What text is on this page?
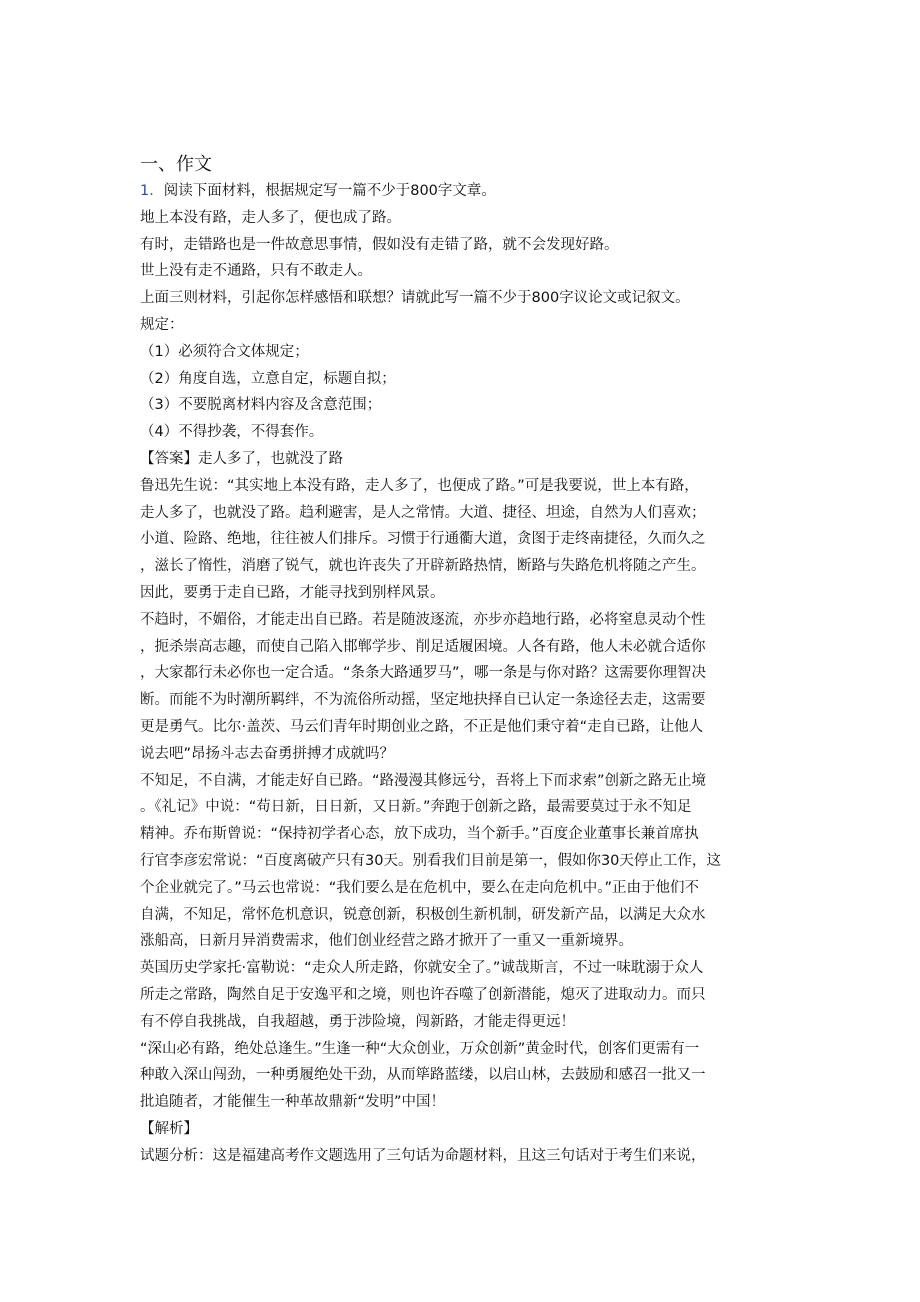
一、作文
1．阅读下面材料，根据规定写一篇不少于800字文章。
地上本没有路，走人多了，便也成了路。
有时，走错路也是一件故意思事情，假如没有走错了路，就不会发现好路。
世上没有走不通路，只有不敢走人。
上面三则材料，引起你怎样感悟和联想？请就此写一篇不少于800字议论文或记叙文。
规定：
（1）必须符合文体规定；
（2）角度自选，立意自定，标题自拟；
（3）不要脱离材料内容及含意范围；
（4）不得抄袭，不得套作。
【答案】走人多了，也就没了路
鲁迅先生说：“其实地上本没有路，走人多了，也便成了路。”可是我要说，世上本有路，
走人多了，也就没了路。趋利避害，是人之常情。大道、捷径、坦途，自然为人们喜欢；
小道、险路、绝地，往往被人们排斥。习惯于行通衢大道，贪图于走终南捷径，久而久之
，滋长了惰性，消磨了锐气，就也许丧失了开辟新路热情，断路与失路危机将随之产生。
因此，要勇于走自已路，才能寻找到别样风景。
不趋时，不媚俗，才能走出自已路。若是随波逐流，亦步亦趋地行路，必将窒息灵动个性
，扼杀崇高志趣，而使自己陷入邯郸学步、削足适履困境。人各有路，他人未必就合适你
，大家都行未必你也一定合适。“条条大路通罗马”，哪一条是与你对路？这需要你理智决
断。而能不为时潮所羁绊，不为流俗所动摇，坚定地抉择自已认定一条途径去走，这需要
更是勇气。比尔·盖茨、马云们青年时期创业之路，不正是他们秉守着“走自已路，让他人
说去吧”昂扬斗志去奋勇拼搏才成就吗？
不知足，不自满，才能走好自已路。“路漫漫其修远兮，吾将上下而求索”创新之路无止境
。《礼记》中说：“苟日新，日日新，又日新。”奔跑于创新之路，最需要莫过于永不知足
精神。乔布斯曾说：“保持初学者心态，放下成功，当个新手。”百度企业董事长兼首席执
行官李彦宏常说：“百度离破产只有30天。别看我们目前是第一，假如你30天停止工作，这
个企业就完了。”马云也常说：“我们要么是在危机中，要么在走向危机中。”正由于他们不
自满，不知足，常怀危机意识，锐意创新，积极创生新机制，研发新产品，以满足大众水
涨船高，日新月异消费需求，他们创业经营之路才掀开了一重又一重新境界。
英国历史学家托·富勒说：“走众人所走路，你就安全了。”诚哉斯言，不过一味耽溺于众人
所走之常路，陶然自足于安逸平和之境，则也许吞噬了创新潜能，熄灭了进取动力。而只
有不停自我挑战，自我超越，勇于涉险境，闯新路，才能走得更远！
“深山必有路，绝处总逢生。”生逢一种“大众创业，万众创新”黄金时代，创客们更需有一
种敢入深山闯劲，一种勇履绝处干劲，从而筚路蓝缕，以启山林，去鼓励和感召一批又一
批追随者，才能催生一种革故鼎新“发明”中国！
【解析】
试题分析：这是福建高考作文题选用了三句话为命题材料，且这三句话对于考生们来说，
